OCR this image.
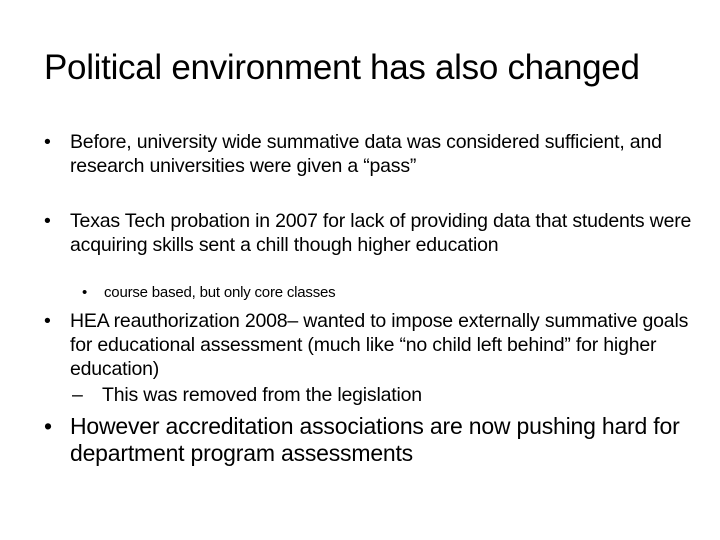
Political environment has also changed
• Before, university wide summative data was considered sufficient, and research universities were given a “pass”
• Texas Tech probation in 2007 for lack of providing data that students were acquiring skills sent a chill though higher education
• course based, but only core classes
• HEA reauthorization 2008– wanted to impose externally summative goals for educational assessment (much like “no child left behind” for higher education)
– This was removed from the legislation
• However accreditation associations are now pushing hard for department program assessments
